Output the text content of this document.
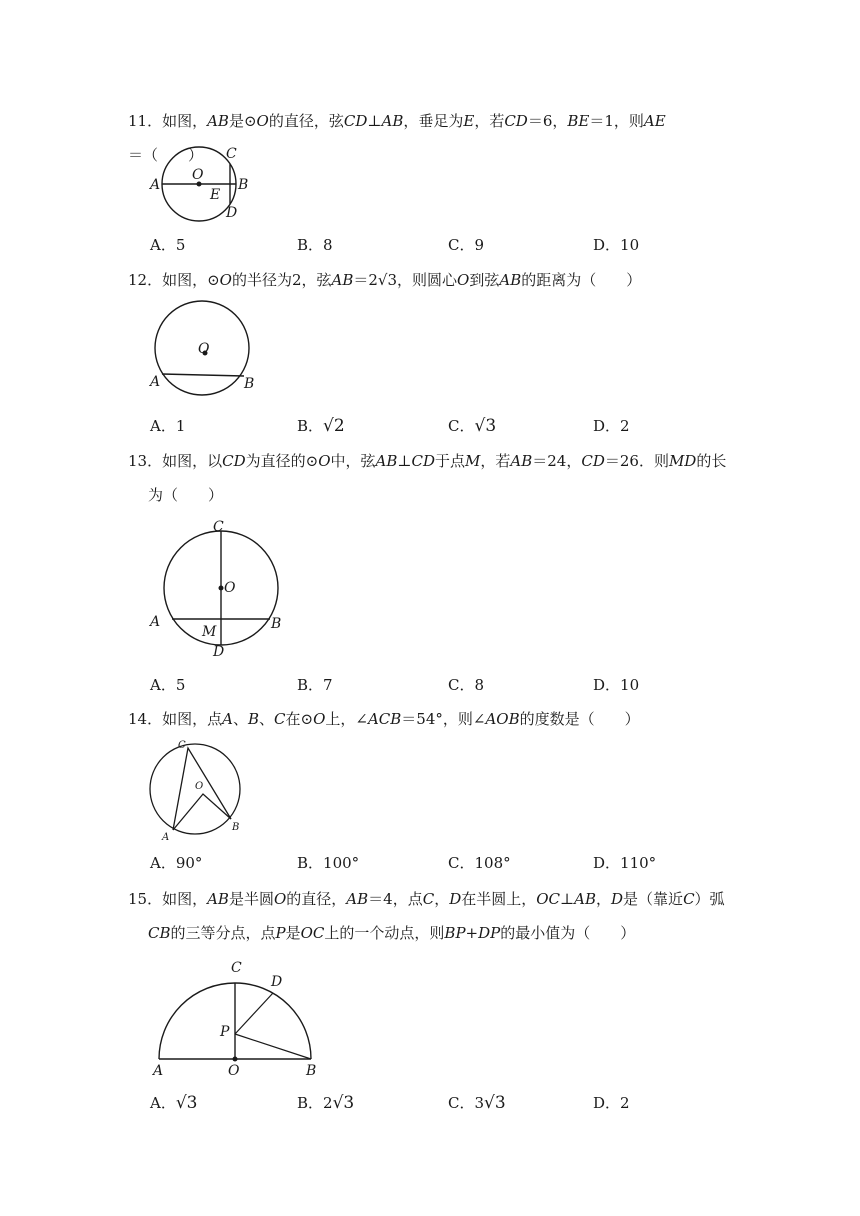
11．如图，AB是⊙O的直径，弦CD⊥AB，垂足为E，若CD＝6，BE＝1，则AE＝（　　）
A
O
C
B
E
D
A．5	B．8	C．9	D．10
12．如图，⊙O的半径为2，弦AB＝2√3，则圆心O到弦AB的距离为（　　）
O
A	B
A．1	B．√2	C．√3	D．2
13．如图，以CD为直径的⊙O中，弦AB⊥CD于点M，若AB＝24，CD＝26．则MD的长
为（　　）
C
O
A
M	B
D
A．5	B．7	C．8	D．10
14．如图，点A、B、C在⊙O上，∠ACB＝54°，则∠AOB的度数是（　　）
C
O
A
B
A．90°	B．100°	C．108°	D．110°
15．如图，AB是半圆O的直径，AB＝4，点C，D在半圆上，OC⊥AB，D是（靠近C）弧
CB的三等分点，点P是OC上的一个动点，则BP+DP的最小值为（　　）
C
D
P
A	O	B
A．√3	B．2√3	C．3√3	D．2
